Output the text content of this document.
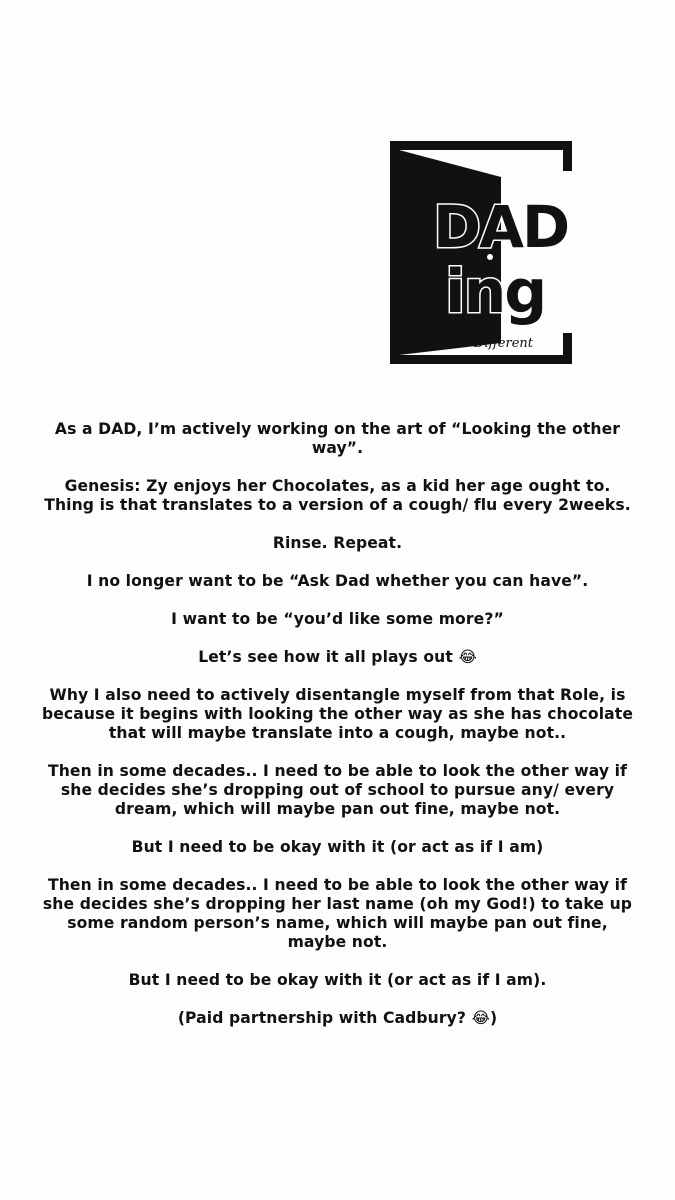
DAD
ing
Different

As a DAD, I’m actively working on the art of “Looking the other way”.

Genesis: Zy enjoys her Chocolates, as a kid her age ought to. Thing is that translates to a version of a cough/ flu every 2weeks.

Rinse. Repeat.

I no longer want to be “Ask Dad whether you can have”.

I want to be “you’d like some more?”

Let’s see how it all plays out 😂

Why I also need to actively disentangle myself from that Role, is because it begins with looking the other way as she has chocolate that will maybe translate into a cough, maybe not..

Then in some decades.. I need to be able to look the other way if she decides she’s dropping out of school to pursue any/ every dream, which will maybe pan out fine, maybe not.

But I need to be okay with it (or act as if I am)

Then in some decades.. I need to be able to look the other way if she decides she’s dropping her last name (oh my God!) to take up some random person’s name, which will maybe pan out fine, maybe not.

But I need to be okay with it (or act as if I am).

(Paid partnership with Cadbury? 😂)
